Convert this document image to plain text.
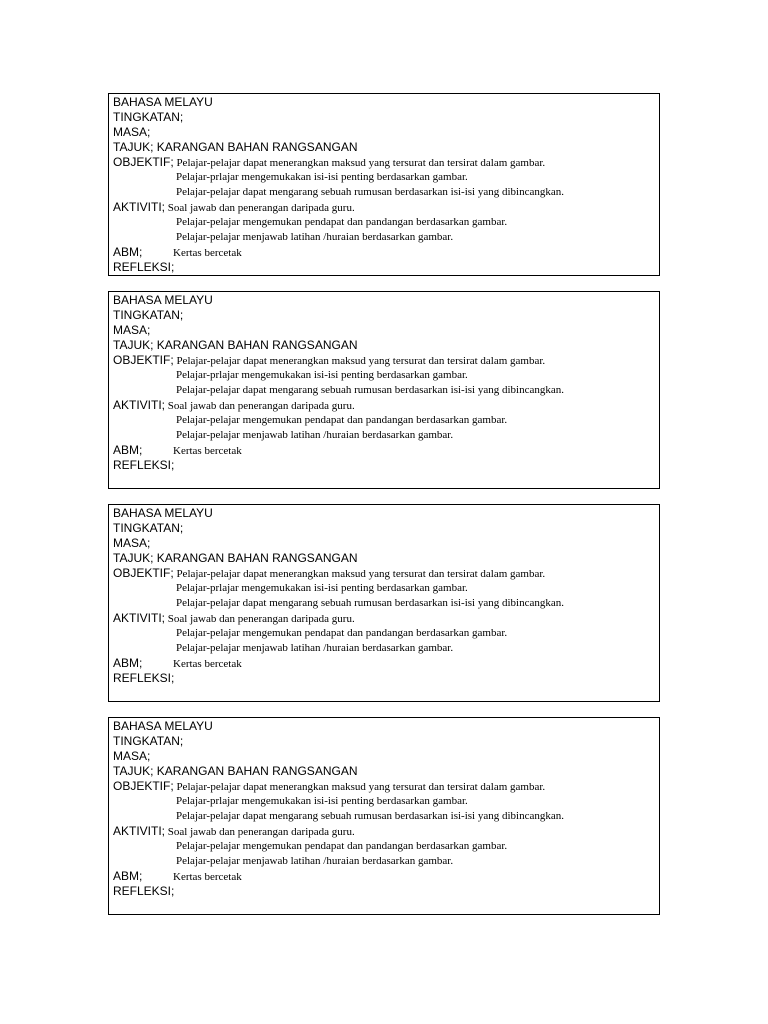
BAHASA MELAYU
TINGKATAN;
MASA;
TAJUK; KARANGAN BAHAN RANGSANGAN
OBJEKTIF; Pelajar-pelajar dapat menerangkan maksud yang tersurat dan tersirat dalam gambar.
Pelajar-prlajar mengemukakan isi-isi penting berdasarkan gambar.
Pelajar-pelajar dapat mengarang sebuah rumusan berdasarkan isi-isi yang dibincangkan.
AKTIVITI; Soal jawab dan penerangan daripada guru.
Pelajar-pelajar mengemukan pendapat dan pandangan berdasarkan gambar.
Pelajar-pelajar menjawab latihan /huraian berdasarkan gambar.
ABM;	Kertas bercetak
REFLEKSI;
BAHASA MELAYU
TINGKATAN;
MASA;
TAJUK; KARANGAN BAHAN RANGSANGAN
OBJEKTIF; Pelajar-pelajar dapat menerangkan maksud yang tersurat dan tersirat dalam gambar.
Pelajar-prlajar mengemukakan isi-isi penting berdasarkan gambar.
Pelajar-pelajar dapat mengarang sebuah rumusan berdasarkan isi-isi yang dibincangkan.
AKTIVITI; Soal jawab dan penerangan daripada guru.
Pelajar-pelajar mengemukan pendapat dan pandangan berdasarkan gambar.
Pelajar-pelajar menjawab latihan /huraian berdasarkan gambar.
ABM;	Kertas bercetak
REFLEKSI;
BAHASA MELAYU
TINGKATAN;
MASA;
TAJUK; KARANGAN BAHAN RANGSANGAN
OBJEKTIF; Pelajar-pelajar dapat menerangkan maksud yang tersurat dan tersirat dalam gambar.
Pelajar-prlajar mengemukakan isi-isi penting berdasarkan gambar.
Pelajar-pelajar dapat mengarang sebuah rumusan berdasarkan isi-isi yang dibincangkan.
AKTIVITI; Soal jawab dan penerangan daripada guru.
Pelajar-pelajar mengemukan pendapat dan pandangan berdasarkan gambar.
Pelajar-pelajar menjawab latihan /huraian berdasarkan gambar.
ABM;	Kertas bercetak
REFLEKSI;
BAHASA MELAYU
TINGKATAN;
MASA;
TAJUK; KARANGAN BAHAN RANGSANGAN
OBJEKTIF; Pelajar-pelajar dapat menerangkan maksud yang tersurat dan tersirat dalam gambar.
Pelajar-prlajar mengemukakan isi-isi penting berdasarkan gambar.
Pelajar-pelajar dapat mengarang sebuah rumusan berdasarkan isi-isi yang dibincangkan.
AKTIVITI; Soal jawab dan penerangan daripada guru.
Pelajar-pelajar mengemukan pendapat dan pandangan berdasarkan gambar.
Pelajar-pelajar menjawab latihan /huraian berdasarkan gambar.
ABM;	Kertas bercetak
REFLEKSI;
